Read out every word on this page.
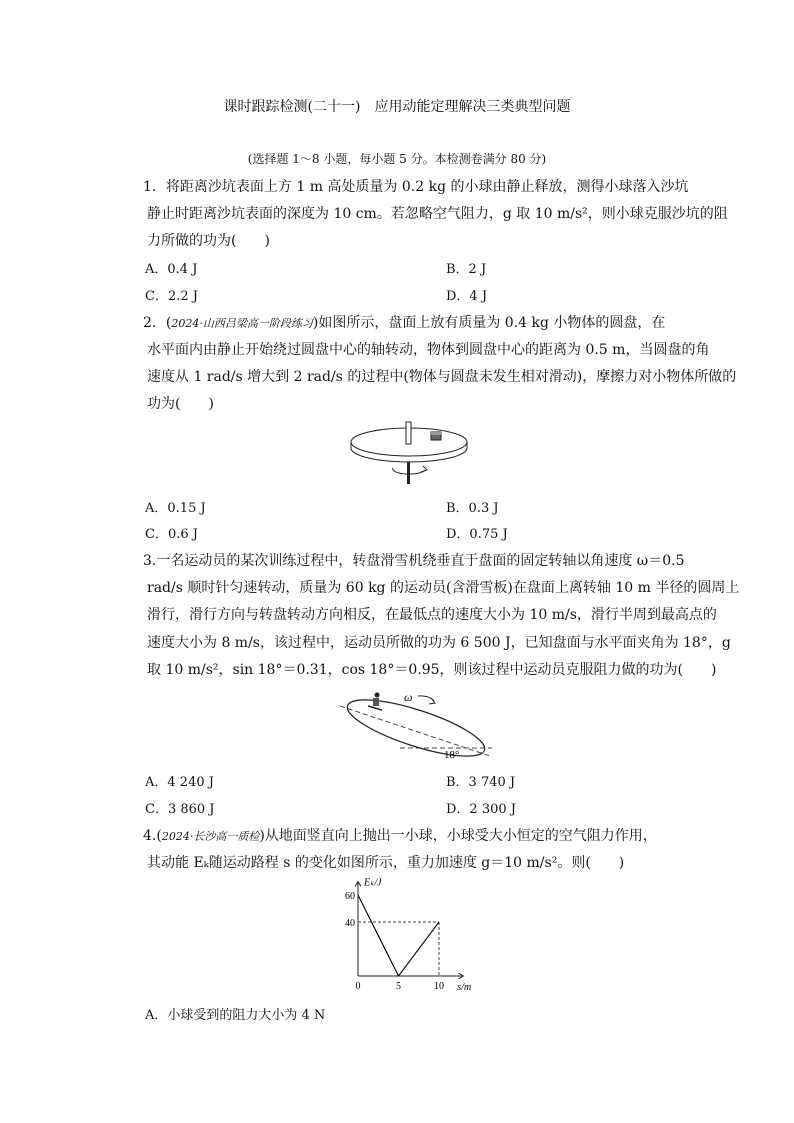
课时跟踪检测(二十一)　应用动能定理解决三类典型问题
(选择题 1～8 小题，每小题 5 分。本检测卷满分 80 分)
1．将距离沙坑表面上方 1 m 高处质量为 0.2 kg 的小球由静止释放，测得小球落入沙坑
静止时距离沙坑表面的深度为 10 cm。若忽略空气阻力，g 取 10 m/s²，则小球克服沙坑的阻
力所做的功为(　　)
A．0.4 J	B．2 J
C．2.2 J	D．4 J
2．(2024·山西吕梁高一阶段练习)如图所示，盘面上放有质量为 0.4 kg 小物体的圆盘，在
水平面内由静止开始绕过圆盘中心的轴转动，物体到圆盘中心的距离为 0.5 m，当圆盘的角
速度从 1 rad/s 增大到 2 rad/s 的过程中(物体与圆盘未发生相对滑动)，摩擦力对小物体所做的
功为(　　)
A．0.15 J	B．0.3 J
C．0.6 J	D．0.75 J
3.一名运动员的某次训练过程中，转盘滑雪机绕垂直于盘面的固定转轴以角速度 ω＝0.5
rad/s 顺时针匀速转动，质量为 60 kg 的运动员(含滑雪板)在盘面上离转轴 10 m 半径的圆周上
滑行，滑行方向与转盘转动方向相反，在最低点的速度大小为 10 m/s，滑行半周到最高点的
速度大小为 8 m/s，该过程中，运动员所做的功为 6 500 J，已知盘面与水平面夹角为 18°，g
取 10 m/s²，sin 18°＝0.31，cos 18°＝0.95，则该过程中运动员克服阻力做的功为(　　)
ω
18°
A．4 240 J	B．3 740 J
C．3 860 J	D．2 300 J
4.(2024·长沙高一质检)从地面竖直向上抛出一小球，小球受大小恒定的空气阻力作用，
其动能 Eₖ随运动路程 s 的变化如图所示，重力加速度 g＝10 m/s²。则(　　)
0	5	10
40
60
s/m
Eₖ/J
A．小球受到的阻力大小为 4 N
